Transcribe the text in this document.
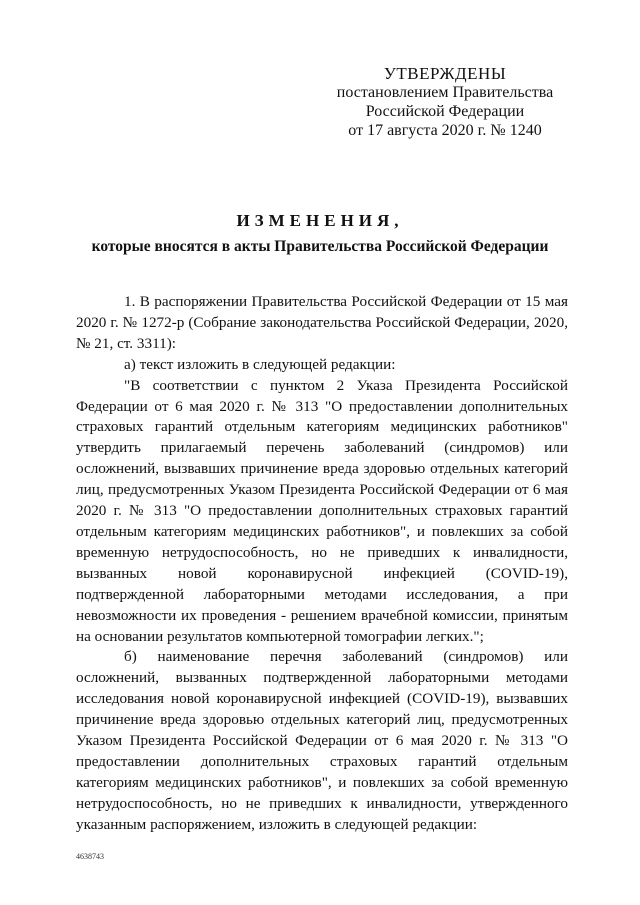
УТВЕРЖДЕНЫ
постановлением Правительства
Российской Федерации
от 17 августа 2020 г. № 1240
ИЗМЕНЕНИЯ,
которые вносятся в акты Правительства Российской Федерации

1. В распоряжении Правительства Российской Федерации от 15 мая 2020 г. № 1272-р (Собрание законодательства Российской Федерации, 2020, № 21, ст. 3311):

а) текст изложить в следующей редакции:

"В соответствии с пунктом 2 Указа Президента Российской Федерации от 6 мая 2020 г. № 313 "О предоставлении дополнительных страховых гарантий отдельным категориям медицинских работников" утвердить прилагаемый перечень заболеваний (синдромов) или осложнений, вызвавших причинение вреда здоровью отдельных категорий лиц, предусмотренных Указом Президента Российской Федерации от 6 мая 2020 г. № 313 "О предоставлении дополнительных страховых гарантий отдельным категориям медицинских работников", и повлекших за собой временную нетрудоспособность, но не приведших к инвалидности, вызванных новой коронавирусной инфекцией (COVID-19), подтвержденной лабораторными методами исследования, а при невозможности их проведения - решением врачебной комиссии, принятым на основании результатов компьютерной томографии легких.";

б) наименование перечня заболеваний (синдромов) или осложнений, вызванных подтвержденной лабораторными методами исследования новой коронавирусной инфекцией (COVID-19), вызвавших причинение вреда здоровью отдельных категорий лиц, предусмотренных Указом Президента Российской Федерации от 6 мая 2020 г. № 313 "О предоставлении дополнительных страховых гарантий отдельным категориям медицинских работников", и повлекших за собой временную нетрудоспособность, но не приведших к инвалидности, утвержденного указанным распоряжением, изложить в следующей редакции:

4638743
